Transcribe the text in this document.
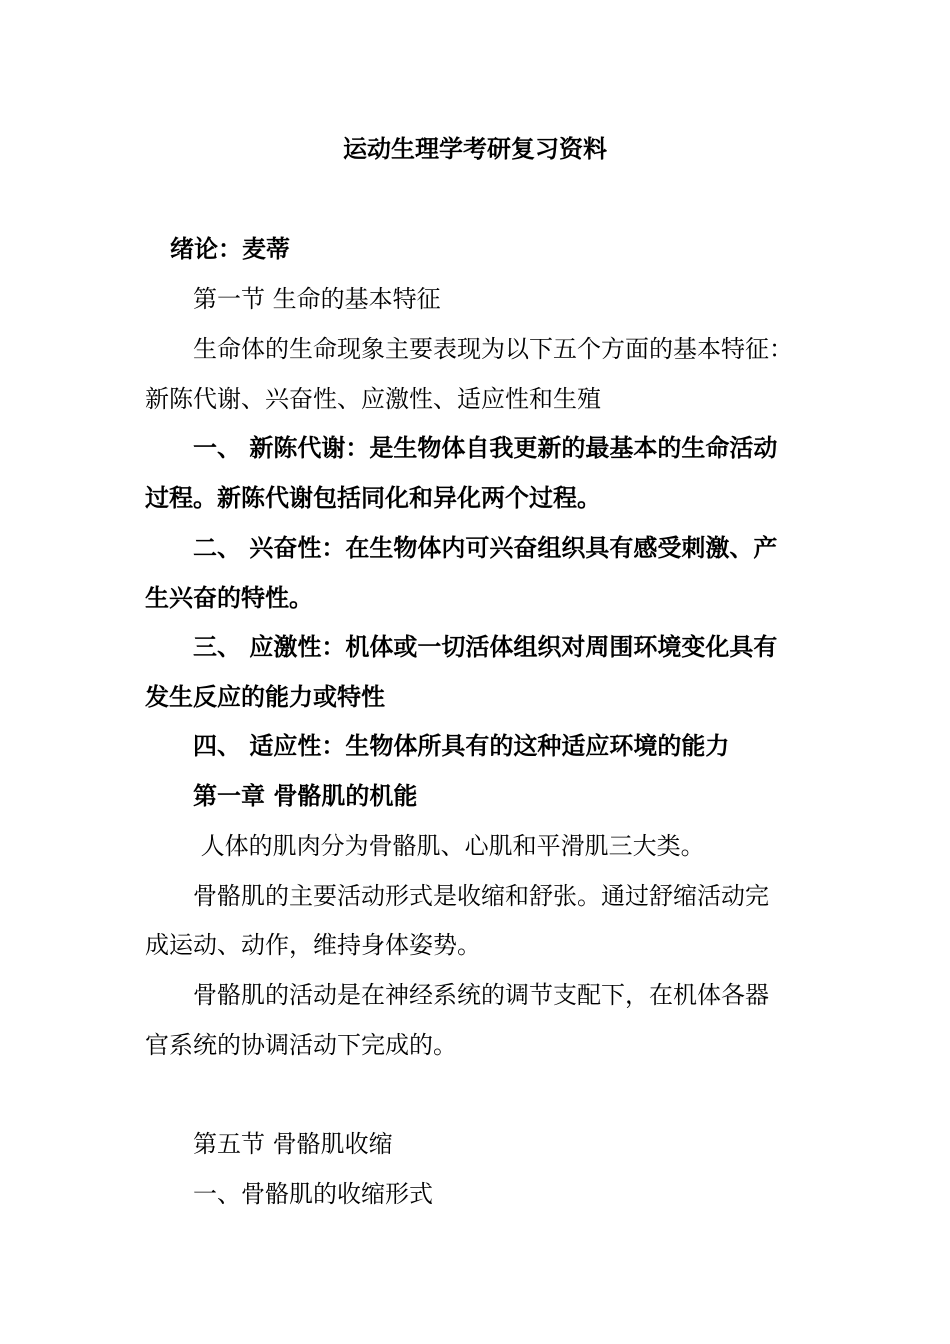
运动生理学考研复习资料
绪论：麦蒂
第一节 生命的基本特征
生命体的生命现象主要表现为以下五个方面的基本特征：
新陈代谢、兴奋性、应激性、适应性和生殖
一、 新陈代谢：是生物体自我更新的最基本的生命活动
过程。新陈代谢包括同化和异化两个过程。
二、 兴奋性：在生物体内可兴奋组织具有感受刺激、产
生兴奋的特性。
三、 应激性：机体或一切活体组织对周围环境变化具有
发生反应的能力或特性
四、 适应性：生物体所具有的这种适应环境的能力
第一章 骨骼肌的机能
人体的肌肉分为骨骼肌、心肌和平滑肌三大类。
骨骼肌的主要活动形式是收缩和舒张。通过舒缩活动完
成运动、动作，维持身体姿势。
骨骼肌的活动是在神经系统的调节支配下，在机体各器
官系统的协调活动下完成的。
第五节 骨骼肌收缩
一、骨骼肌的收缩形式
